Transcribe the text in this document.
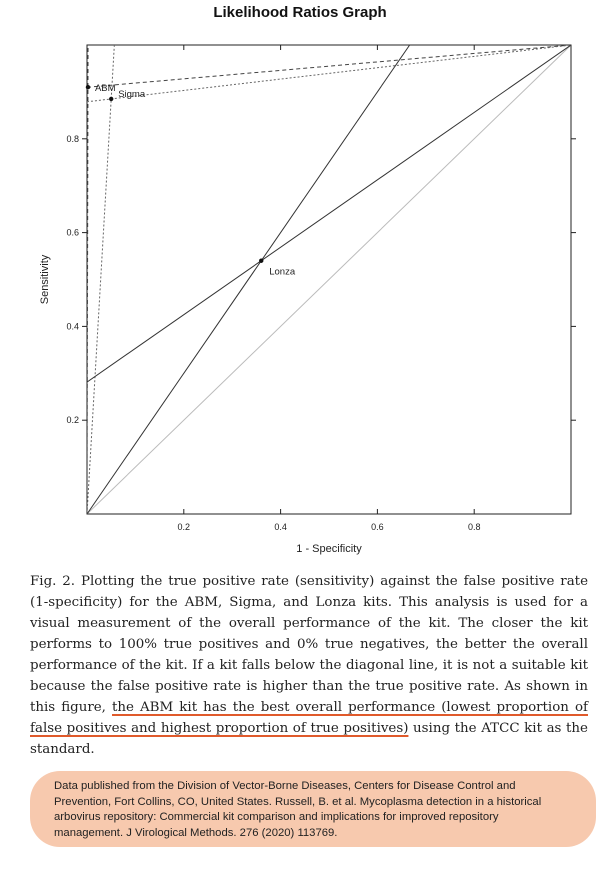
Likelihood Ratios Graph
0.2	0.4	0.6	0.8
0.2
0.4
0.6
0.8
1 - Specificity
Sensitivity
ABM
Sigma
Lonza
Fig. 2. Plotting the true positive rate (sensitivity) against the false positive rate (1-specificity) for the ABM, Sigma, and Lonza kits. This analysis is used for a visual measurement of the overall performance of the kit. The closer the kit performs to 100% true positives and 0% true negatives, the better the overall performance of the kit. If a kit falls below the diagonal line, it is not a suitable kit because the false positive rate is higher than the true positive rate. As shown in this figure, the ABM kit has the best overall performance (lowest proportion of false positives and highest proportion of true positives) using the ATCC kit as the standard.
Data published from the Division of Vector-Borne Diseases, Centers for Disease Control and Prevention, Fort Collins, CO, United States. Russell, B. et al. Mycoplasma detection in a historical arbovirus repository: Commercial kit comparison and implications for improved repository management. J Virological Methods. 276 (2020) 113769.
